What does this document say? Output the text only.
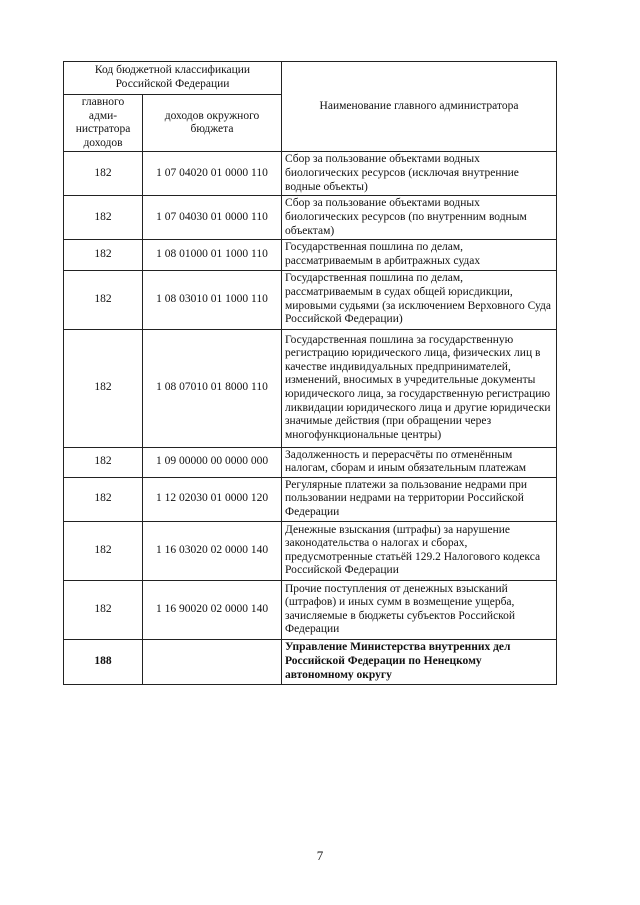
Код бюджетной классификации Российской Федерации		Наименование главного администратора
главного адми-нистратора доходов	доходов окружного бюджета	
182	1 07 04020 01 0000 110	Сбор за пользование объектами водных биологических ресурсов (исключая внутренние водные объекты)
182	1 07 04030 01 0000 110	Сбор за пользование объектами водных биологических ресурсов (по внутренним водным объектам)
182	1 08 01000 01 1000 110	Государственная пошлина по делам, рассматриваемым в арбитражных судах
182	1 08 03010 01 1000 110	Государственная пошлина по делам, рассматриваемым в судах общей юрисдикции, мировыми судьями (за исключением Верховного Суда Российской Федерации)
182	1 08 07010 01 8000 110	Государственная пошлина за государственную регистрацию юридического лица, физических лиц в качестве индивидуальных предпринимателей, изменений, вносимых в учредительные документы юридического лица, за государственную регистрацию ликвидации юридического лица и другие юридически значимые действия (при обращении через многофункциональные центры)
182	1 09 00000 00 0000 000	Задолженность и перерасчёты по отменённым налогам, сборам и иным обязательным платежам
182	1 12 02030 01 0000 120	Регулярные платежи за пользование недрами при пользовании недрами на территории Российской Федерации
182	1 16 03020 02 0000 140	Денежные взыскания (штрафы) за нарушение законодательства о налогах и сборах, предусмотренные статьёй 129.2 Налогового кодекса Российской Федерации
182	1 16 90020 02 0000 140	Прочие поступления от денежных взысканий (штрафов) и иных сумм в возмещение ущерба, зачисляемые в бюджеты субъектов Российской Федерации
188		Управление Министерства внутренних дел Российской Федерации по Ненецкому автономному округу
7
